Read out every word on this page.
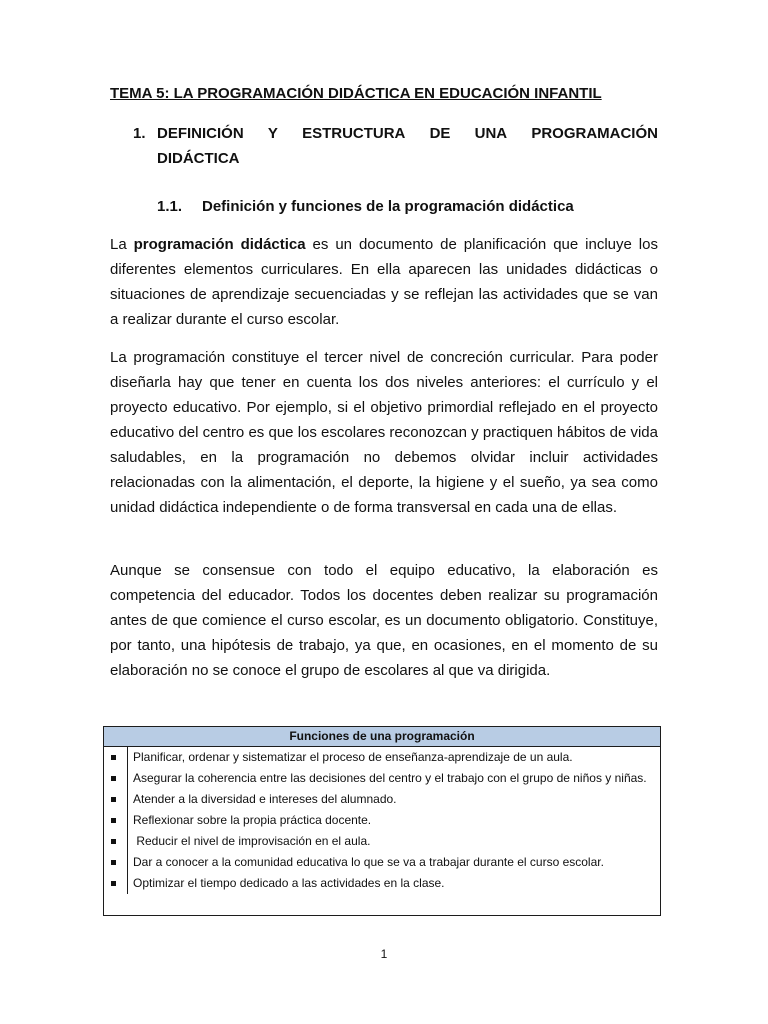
TEMA 5: LA PROGRAMACIÓN DIDÁCTICA EN EDUCACIÓN INFANTIL
1. DEFINICIÓN Y ESTRUCTURA DE UNA PROGRAMACIÓN
DIDÁCTICA
1.1. Definición y funciones de la programación didáctica

La programación didáctica es un documento de planificación que incluye los diferentes elementos curriculares. En ella aparecen las unidades didácticas o situaciones de aprendizaje secuenciadas y se reflejan las actividades que se van a realizar durante el curso escolar.

La programación constituye el tercer nivel de concreción curricular. Para poder diseñarla hay que tener en cuenta los dos niveles anteriores: el currículo y el proyecto educativo. Por ejemplo, si el objetivo primordial reflejado en el proyecto educativo del centro es que los escolares reconozcan y practiquen hábitos de vida saludables, en la programación no debemos olvidar incluir actividades relacionadas con la alimentación, el deporte, la higiene y el sueño, ya sea como unidad didáctica independiente o de forma transversal en cada una de ellas.

Aunque se consensue con todo el equipo educativo, la elaboración es competencia del educador. Todos los docentes deben realizar su programación antes de que comience el curso escolar, es un documento obligatorio. Constituye, por tanto, una hipótesis de trabajo, ya que, en ocasiones, en el momento de su elaboración no se conoce el grupo de escolares al que va dirigida.

Funciones de una programación
Planificar, ordenar y sistematizar el proceso de enseñanza-aprendizaje de un aula.
Asegurar la coherencia entre las decisiones del centro y el trabajo con el grupo de niños y niñas.
Atender a la diversidad e intereses del alumnado.
Reflexionar sobre la propia práctica docente.
Reducir el nivel de improvisación en el aula.
Dar a conocer a la comunidad educativa lo que se va a trabajar durante el curso escolar.
Optimizar el tiempo dedicado a las actividades en la clase.
1
